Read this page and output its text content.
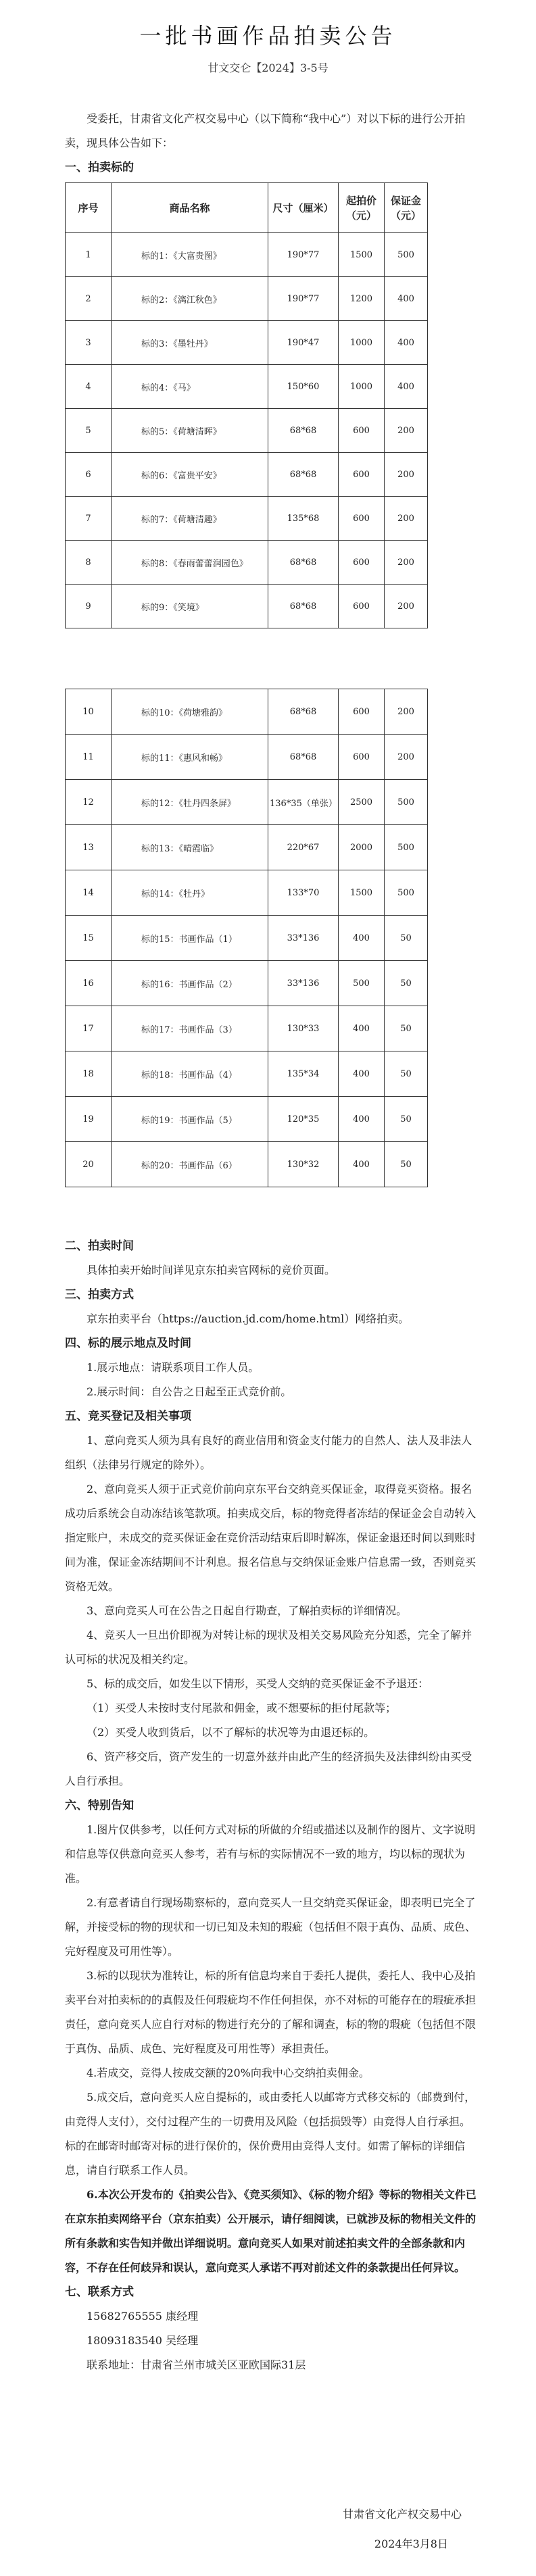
一批书画作品拍卖公告
甘文交仑【2024】3-5号
受委托，甘肃省文化产权交易中心（以下简称“我中心”）对以下标的进行公开拍卖，现具体公告如下：
一、拍卖标的
序号	商品名称	尺寸（厘米）	起拍价（元）	保证金（元）
1	标的1：《大富贵图》	190*77	1500	500
2	标的2：《漓江秋色》	190*77	1200	400
3	标的3：《墨牡丹》	190*47	1000	400
4	标的4：《马》	150*60	1000	400
5	标的5：《荷塘清晖》	68*68	600	200
6	标的6：《富贵平安》	68*68	600	200
7	标的7：《荷塘清趣》	135*68	600	200
8	标的8：《春雨蕾蕾润园色》	68*68	600	200
9	标的9：《笑境》	68*68	600	200
10	标的10：《荷塘雅韵》	68*68	600	200
11	标的11：《惠风和畅》	68*68	600	200
12	标的12：《牡丹四条屏》	136*35（单张）	2500	500
13	标的13：《晴霞临》	220*67	2000	500
14	标的14：《牡丹》	133*70	1500	500
15	标的15：书画作品（1）	33*136	400	50
16	标的16：书画作品（2）	33*136	500	50
17	标的17：书画作品（3）	130*33	400	50
18	标的18：书画作品（4）	135*34	400	50
19	标的19：书画作品（5）	120*35	400	50
20	标的20：书画作品（6）	130*32	400	50

二、拍卖时间

具体拍卖开始时间详见京东拍卖官网标的竞价页面。

三、拍卖方式

京东拍卖平台（https://auction.jd.com/home.html）网络拍卖。

四、标的展示地点及时间

1.展示地点：请联系项目工作人员。

2.展示时间：自公告之日起至正式竞价前。

五、竞买登记及相关事项

1、意向竞买人须为具有良好的商业信用和资金支付能力的自然人、法人及非法人组织（法律另行规定的除外）。

2、意向竞买人须于正式竞价前向京东平台交纳竞买保证金，取得竞买资格。报名成功后系统会自动冻结该笔款项。拍卖成交后，标的物竞得者冻结的保证金会自动转入指定账户，未成交的竞买保证金在竞价活动结束后即时解冻，保证金退还时间以到账时间为准，保证金冻结期间不计利息。报名信息与交纳保证金账户信息需一致，否则竞买资格无效。

3、意向竞买人可在公告之日起自行勘查，了解拍卖标的详细情况。

4、竞买人一旦出价即视为对转让标的现状及相关交易风险充分知悉，完全了解并认可标的状况及相关约定。

5、标的成交后，如发生以下情形，买受人交纳的竞买保证金不予退还：

（1）买受人未按时支付尾款和佣金，或不想要标的拒付尾款等；

（2）买受人收到货后，以不了解标的状况等为由退还标的。

6、资产移交后，资产发生的一切意外兹并由此产生的经济损失及法律纠纷由买受人自行承担。

六、特别告知

1.图片仅供参考，以任何方式对标的所做的介绍或描述以及制作的图片、文字说明和信息等仅供意向竞买人参考，若有与标的实际情况不一致的地方，均以标的现状为准。

2.有意者请自行现场勘察标的，意向竞买人一旦交纳竞买保证金，即表明已完全了解，并接受标的物的现状和一切已知及未知的瑕疵（包括但不限于真伪、品质、成色、完好程度及可用性等）。

3.标的以现状为准转让，标的所有信息均来自于委托人提供，委托人、我中心及拍卖平台对拍卖标的的真假及任何瑕疵均不作任何担保，亦不对标的可能存在的瑕疵承担责任，意向竞买人应自行对标的物进行充分的了解和调查，标的物的瑕疵（包括但不限于真伪、品质、成色、完好程度及可用性等）承担责任。

4.若成交，竞得人按成交额的20%向我中心交纳拍卖佣金。

5.成交后，意向竞买人应自提标的，或由委托人以邮寄方式移交标的（邮费到付，由竞得人支付），交付过程产生的一切费用及风险（包括损毁等）由竞得人自行承担。标的在邮寄时邮寄对标的进行保价的，保价费用由竞得人支付。如需了解标的详细信息，请自行联系工作人员。

6.本次公开发布的《拍卖公告》、《竞买须知》、《标的物介绍》等标的物相关文件已在京东拍卖网络平台（京东拍卖）公开展示，请仔细阅读，已就涉及标的物相关文件的所有条款和实告知并做出详细说明。意向竞买人如果对前述拍卖文件的全部条款和内容，不存在任何歧异和误认，意向竞买人承诺不再对前述文件的条款提出任何异议。

七、联系方式

15682765555 康经理

18093183540 吴经理

联系地址：甘肃省兰州市城关区亚欧国际31层

甘肃省文化产权交易中心
2024年3月8日
